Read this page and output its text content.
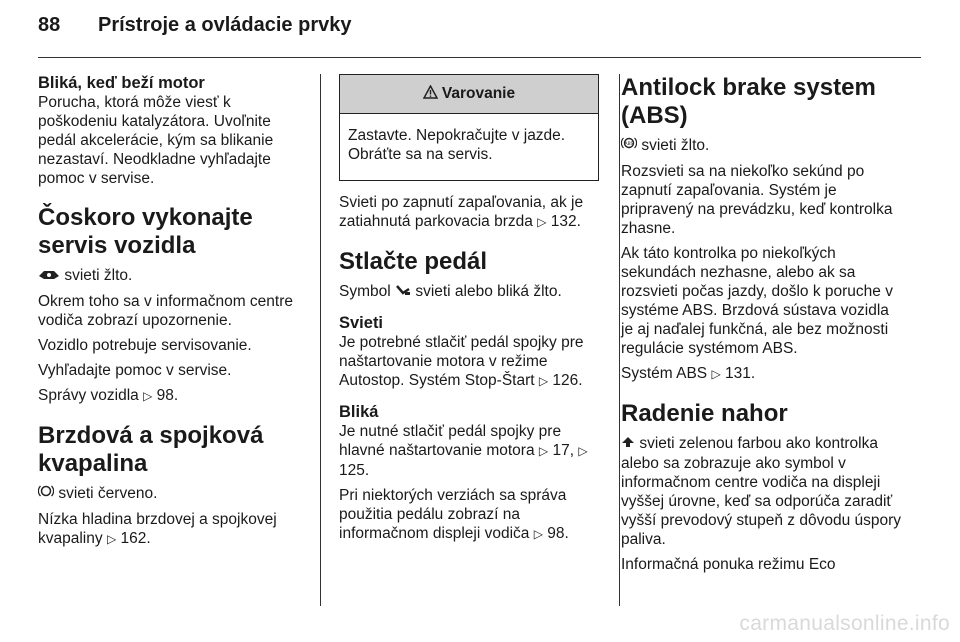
88 Prístroje a ovládacie prvky
Bliká, keď beží motor
Porucha, ktorá môže viesť k poškodeniu katalyzátora. Uvoľnite pedál akcelerácie, kým sa blikanie nezastaví. Neodkladne vyhľadajte pomoc v servise.
Čoskoro vykonajte servis vozidla
svieti žlto.
Okrem toho sa v informačnom centre vodiča zobrazí upozornenie.
Vozidlo potrebuje servisovanie.
Vyhľadajte pomoc v servise.
Správy vozidla ▷ 98.
Brzdová a spojková kvapalina
svieti červeno.
Nízka hladina brzdovej a spojkovej kvapaliny ▷ 162.
Varovanie
Zastavte. Nepokračujte v jazde. Obráťte sa na servis.
Svieti po zapnutí zapaľovania, ak je zatiahnutá parkovacia brzda ▷ 132.
Stlačte pedál
Symbol svieti alebo bliká žlto.
Svieti
Je potrebné stlačiť pedál spojky pre naštartovanie motora v režime Autostop. Systém Stop-Štart ▷ 126.
Bliká
Je nutné stlačiť pedál spojky pre hlavné naštartovanie motora ▷ 17, ▷ 125.
Pri niektorých verziách sa správa použitia pedálu zobrazí na informačnom displeji vodiča ▷ 98.
Antilock brake system (ABS)
ABS svieti žlto.
Rozsvieti sa na niekoľko sekúnd po zapnutí zapaľovania. Systém je pripravený na prevádzku, keď kontrolka zhasne.
Ak táto kontrolka po niekoľkých sekundách nezhasne, alebo ak sa rozsvieti počas jazdy, došlo k poruche v systéme ABS. Brzdová sústava vozidla je aj naďalej funkčná, ale bez možnosti regulácie systémom ABS.
Systém ABS ▷ 131.
Radenie nahor
svieti zelenou farbou ako kontrolka alebo sa zobrazuje ako symbol v informačnom centre vodiča na displeji vyššej úrovne, keď sa odporúča zaradiť vyšší prevodový stupeň z dôvodu úspory paliva.
Informačná ponuka režimu Eco
carmanualsonline.info
